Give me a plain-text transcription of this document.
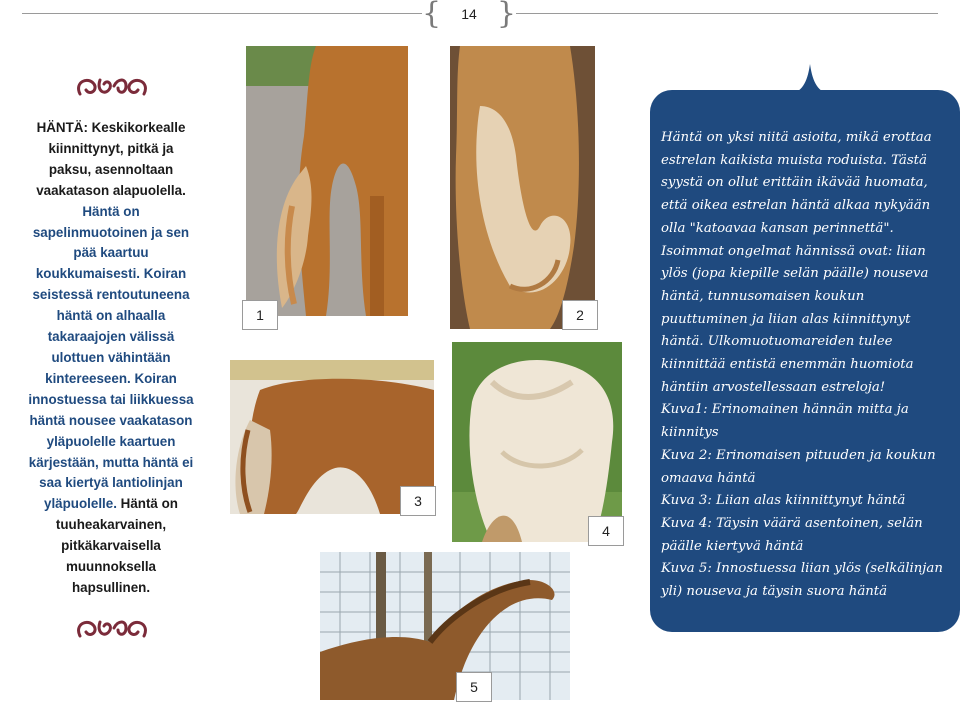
{ 14 }
HÄNTÄ: Keskikorkealle kiinnittynyt, pitkä ja paksu, asennoltaan vaakatason alapuolella. Häntä on sapelinmuotoinen ja sen pää kaartuu koukkumaisesti. Koiran seistessä rentoutuneena häntä on alhaalla takaraajojen välissä ulottuen vähintään kintereeseen. Koiran innostuessa tai liikkuessa häntä nousee vaakatason yläpuolelle kaartuen kärjestään, mutta häntä ei saa kiertyä lantiolinjan yläpuolelle. Häntä on tuuheakarvainen, pitkäkarvaisella muunnoksella hapsullinen.
1	2
3
4
5

Häntä on yksi niitä asioita, mikä erottaa estrelan kaikista muista roduista. Tästä syystä on ollut erittäin ikävää huomata, että oikea estrelan häntä alkaa nykyään olla "katoavaa kansan perinnettä". Isoimmat ongelmat hännissä ovat: liian ylös (jopa kiepille selän päälle) nouseva häntä, tunnusomaisen koukun puuttuminen ja liian alas kiinnittynyt häntä. Ulkomuotuomareiden tulee kiinnittää entistä enemmän huomiota häntiin arvostellessaan estreloja!

Kuva1: Erinomainen hännän mitta ja kiinnitys

Kuva 2: Erinomaisen pituuden ja koukun omaava häntä

Kuva 3: Liian alas kiinnittynyt häntä

Kuva 4: Täysin väärä asentoinen, selän päälle kiertyvä häntä

Kuva 5: Innostuessa liian ylös (selkälinjan yli) nouseva ja täysin suora häntä
